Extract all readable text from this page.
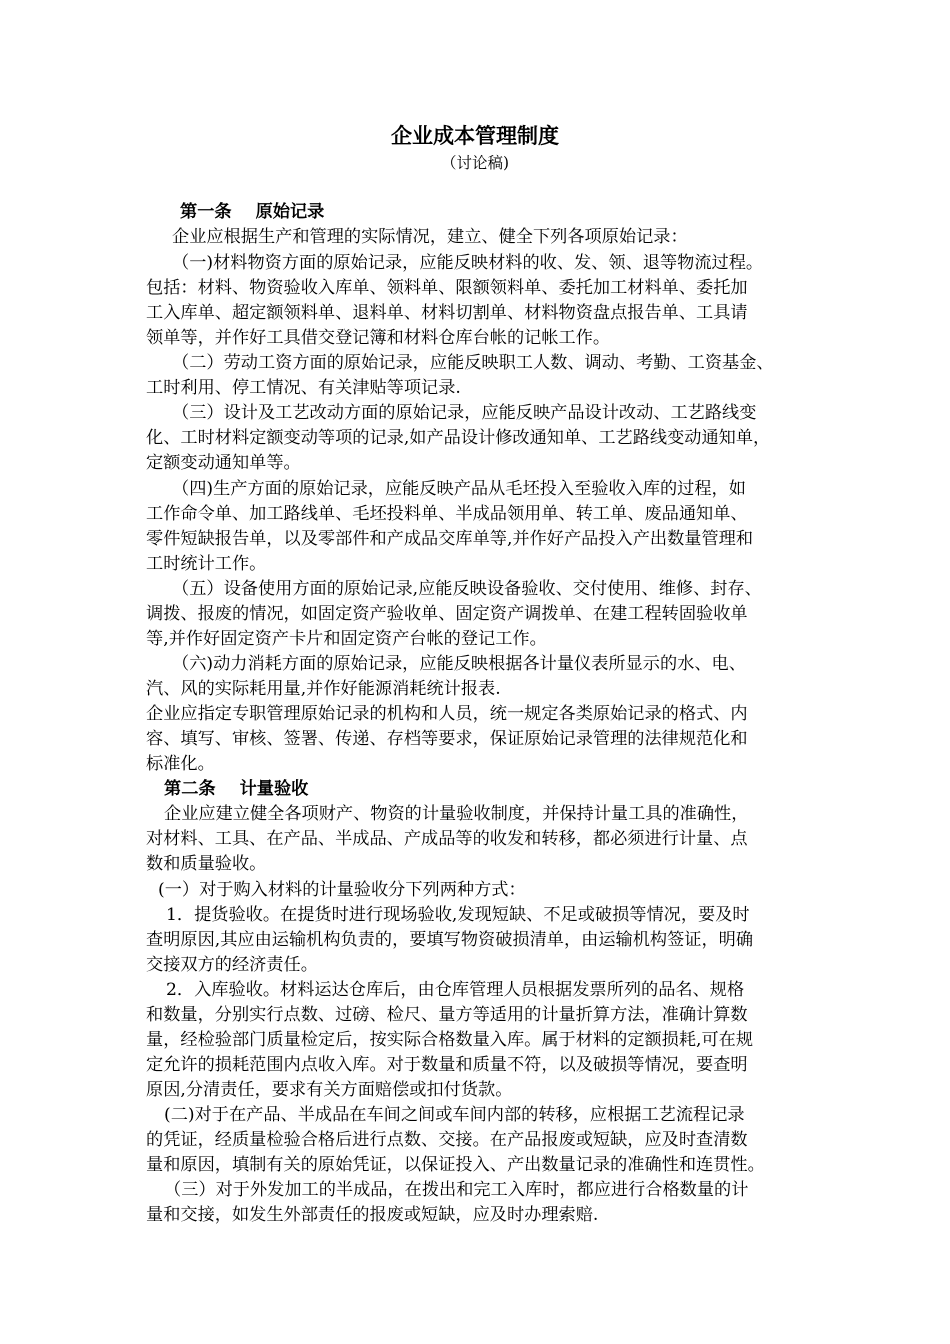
企业成本管理制度
（讨论稿)
第一条 原始记录
企业应根据生产和管理的实际情况，建立、健全下列各项原始记录：
（一)材料物资方面的原始记录，应能反映材料的收、发、领、退等物流过程。
包括：材料、物资验收入库单、领料单、限额领料单、委托加工材料单、委托加
工入库单、超定额领料单、退料单、材料切割单、材料物资盘点报告单、工具请
领单等，并作好工具借交登记簿和材料仓库台帐的记帐工作。
（二）劳动工资方面的原始记录，应能反映职工人数、调动、考勤、工资基金、
工时利用、停工情况、有关津贴等项记录.
（三）设计及工艺改动方面的原始记录，应能反映产品设计改动、工艺路线变
化、工时材料定额变动等项的记录,如产品设计修改通知单、工艺路线变动通知单，
定额变动通知单等。
（四)生产方面的原始记录，应能反映产品从毛坯投入至验收入库的过程，如
工作命令单、加工路线单、毛坯投料单、半成品领用单、转工单、废品通知单、
零件短缺报告单，以及零部件和产成品交库单等,并作好产品投入产出数量管理和
工时统计工作。
（五）设备使用方面的原始记录,应能反映设备验收、交付使用、维修、封存、
调拨、报废的情况，如固定资产验收单、固定资产调拨单、在建工程转固验收单
等,并作好固定资产卡片和固定资产台帐的登记工作。
（六)动力消耗方面的原始记录，应能反映根据各计量仪表所显示的水、电、
汽、风的实际耗用量,并作好能源消耗统计报表.
企业应指定专职管理原始记录的机构和人员，统一规定各类原始记录的格式、内
容、填写、审核、签署、传递、存档等要求，保证原始记录管理的法律规范化和
标准化。
第二条 计量验收
企业应建立健全各项财产、物资的计量验收制度，并保持计量工具的准确性，
对材料、工具、在产品、半成品、产成品等的收发和转移，都必须进行计量、点
数和质量验收。
(一）对于购入材料的计量验收分下列两种方式：
1．提货验收。在提货时进行现场验收,发现短缺、不足或破损等情况，要及时
查明原因,其应由运输机构负责的，要填写物资破损清单，由运输机构签证，明确
交接双方的经济责任。
2．入库验收。材料运达仓库后，由仓库管理人员根据发票所列的品名、规格
和数量，分别实行点数、过磅、检尺、量方等适用的计量折算方法，准确计算数
量，经检验部门质量检定后，按实际合格数量入库。属于材料的定额损耗,可在规
定允许的损耗范围内点收入库。对于数量和质量不符，以及破损等情况，要查明
原因,分清责任，要求有关方面赔偿或扣付货款。
(二)对于在产品、半成品在车间之间或车间内部的转移，应根据工艺流程记录
的凭证，经质量检验合格后进行点数、交接。在产品报废或短缺，应及时查清数
量和原因，填制有关的原始凭证，以保证投入、产出数量记录的准确性和连贯性。
（三）对于外发加工的半成品，在拨出和完工入库时，都应进行合格数量的计
量和交接，如发生外部责任的报废或短缺，应及时办理索赔.
